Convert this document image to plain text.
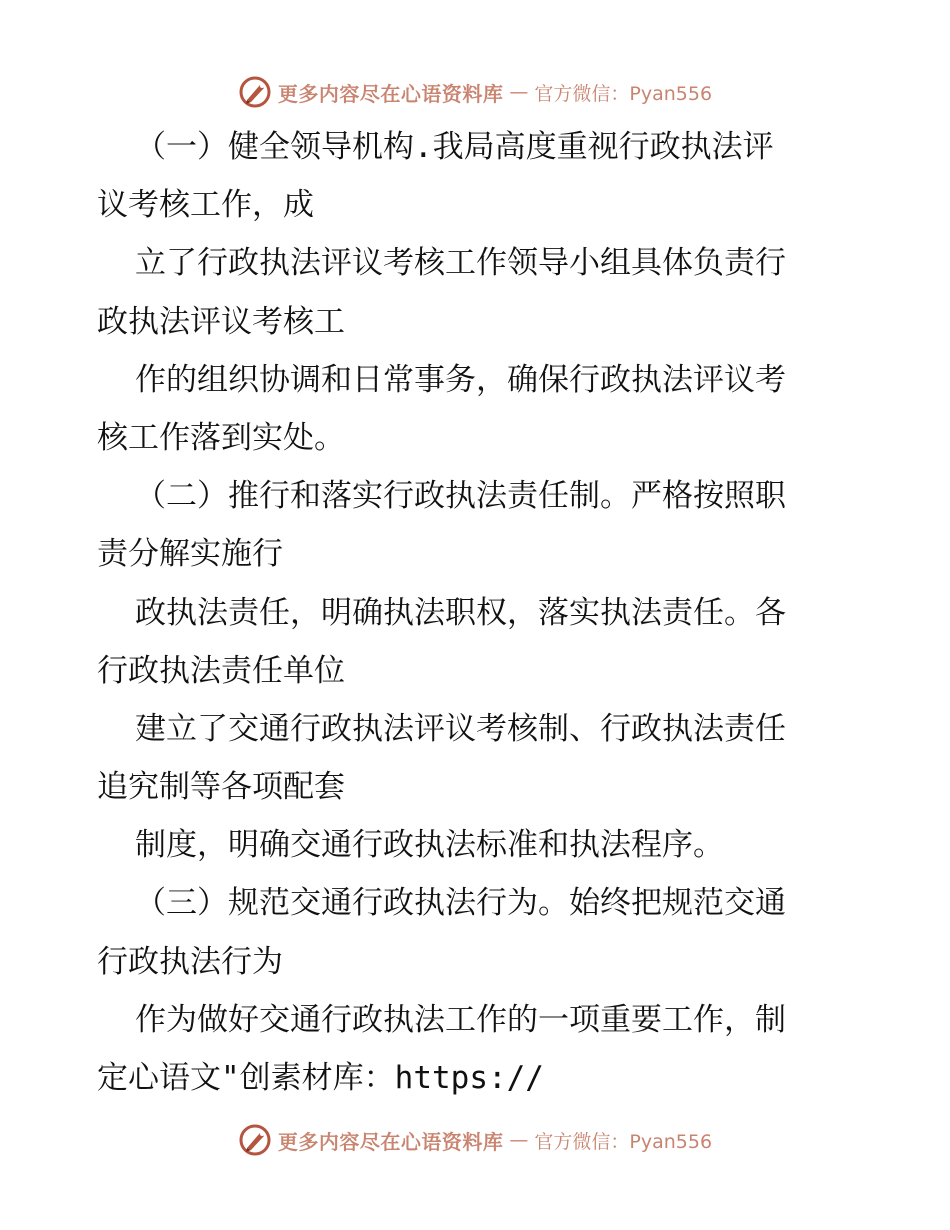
更多内容尽在心语资料库 — 官方微信：Pyan556
（一）健全领导机构.我局高度重视行政执法评
议考核工作，成
立了行政执法评议考核工作领导小组具体负责行
政执法评议考核工
作的组织协调和日常事务，确保行政执法评议考
核工作落到实处。
（二）推行和落实行政执法责任制。严格按照职
责分解实施行
政执法责任，明确执法职权，落实执法责任。各
行政执法责任单位
建立了交通行政执法评议考核制、行政执法责任
追究制等各项配套
制度，明确交通行政执法标准和执法程序。
（三）规范交通行政执法行为。始终把规范交通
行政执法行为
作为做好交通行政执法工作的一项重要工作，制
定心语文"创素材库：https://
更多内容尽在心语资料库 — 官方微信：Pyan556
